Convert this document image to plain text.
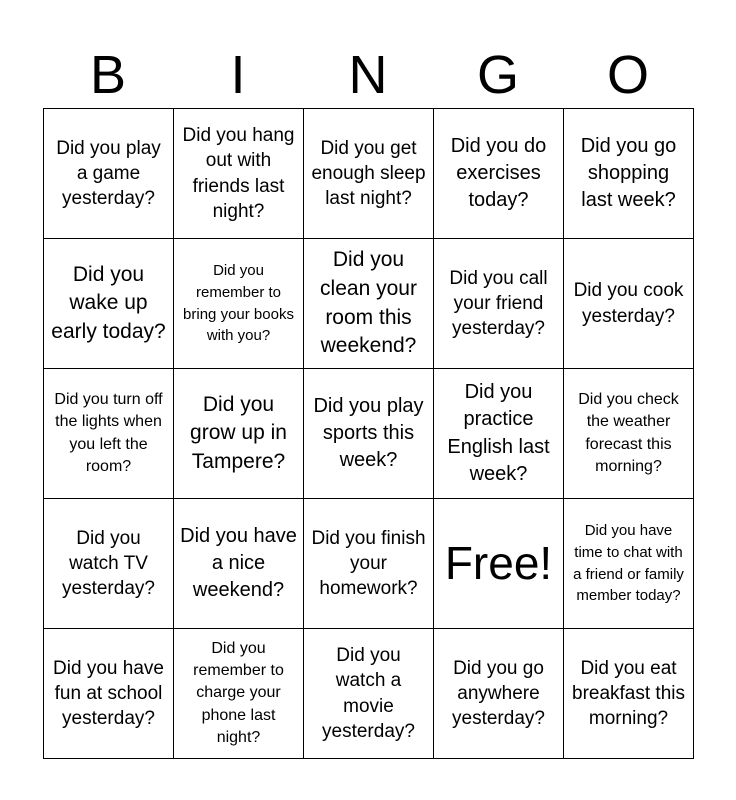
B	I	N	G	O
Did you play a game yesterday?	Did you hang out with friends last night?	Did you get enough sleep last night?	Did you do exercises today?	Did you go shopping last week?
Did you wake up early today?	Did you remember to bring your books with you?	Did you clean your room this weekend?	Did you call your friend yesterday?	Did you cook yesterday?
Did you turn off the lights when you left the room?	Did you grow up in Tampere?	Did you play sports this week?	Did you practice English last week?	Did you check the weather forecast this morning?
Did you watch TV yesterday?	Did you have a nice weekend?	Did you finish your homework?	Free!	Did you have time to chat with a friend or family member today?
Did you have fun at school yesterday?	Did you remember to charge your phone last night?	Did you watch a movie yesterday?	Did you go anywhere yesterday?	Did you eat breakfast this morning?
